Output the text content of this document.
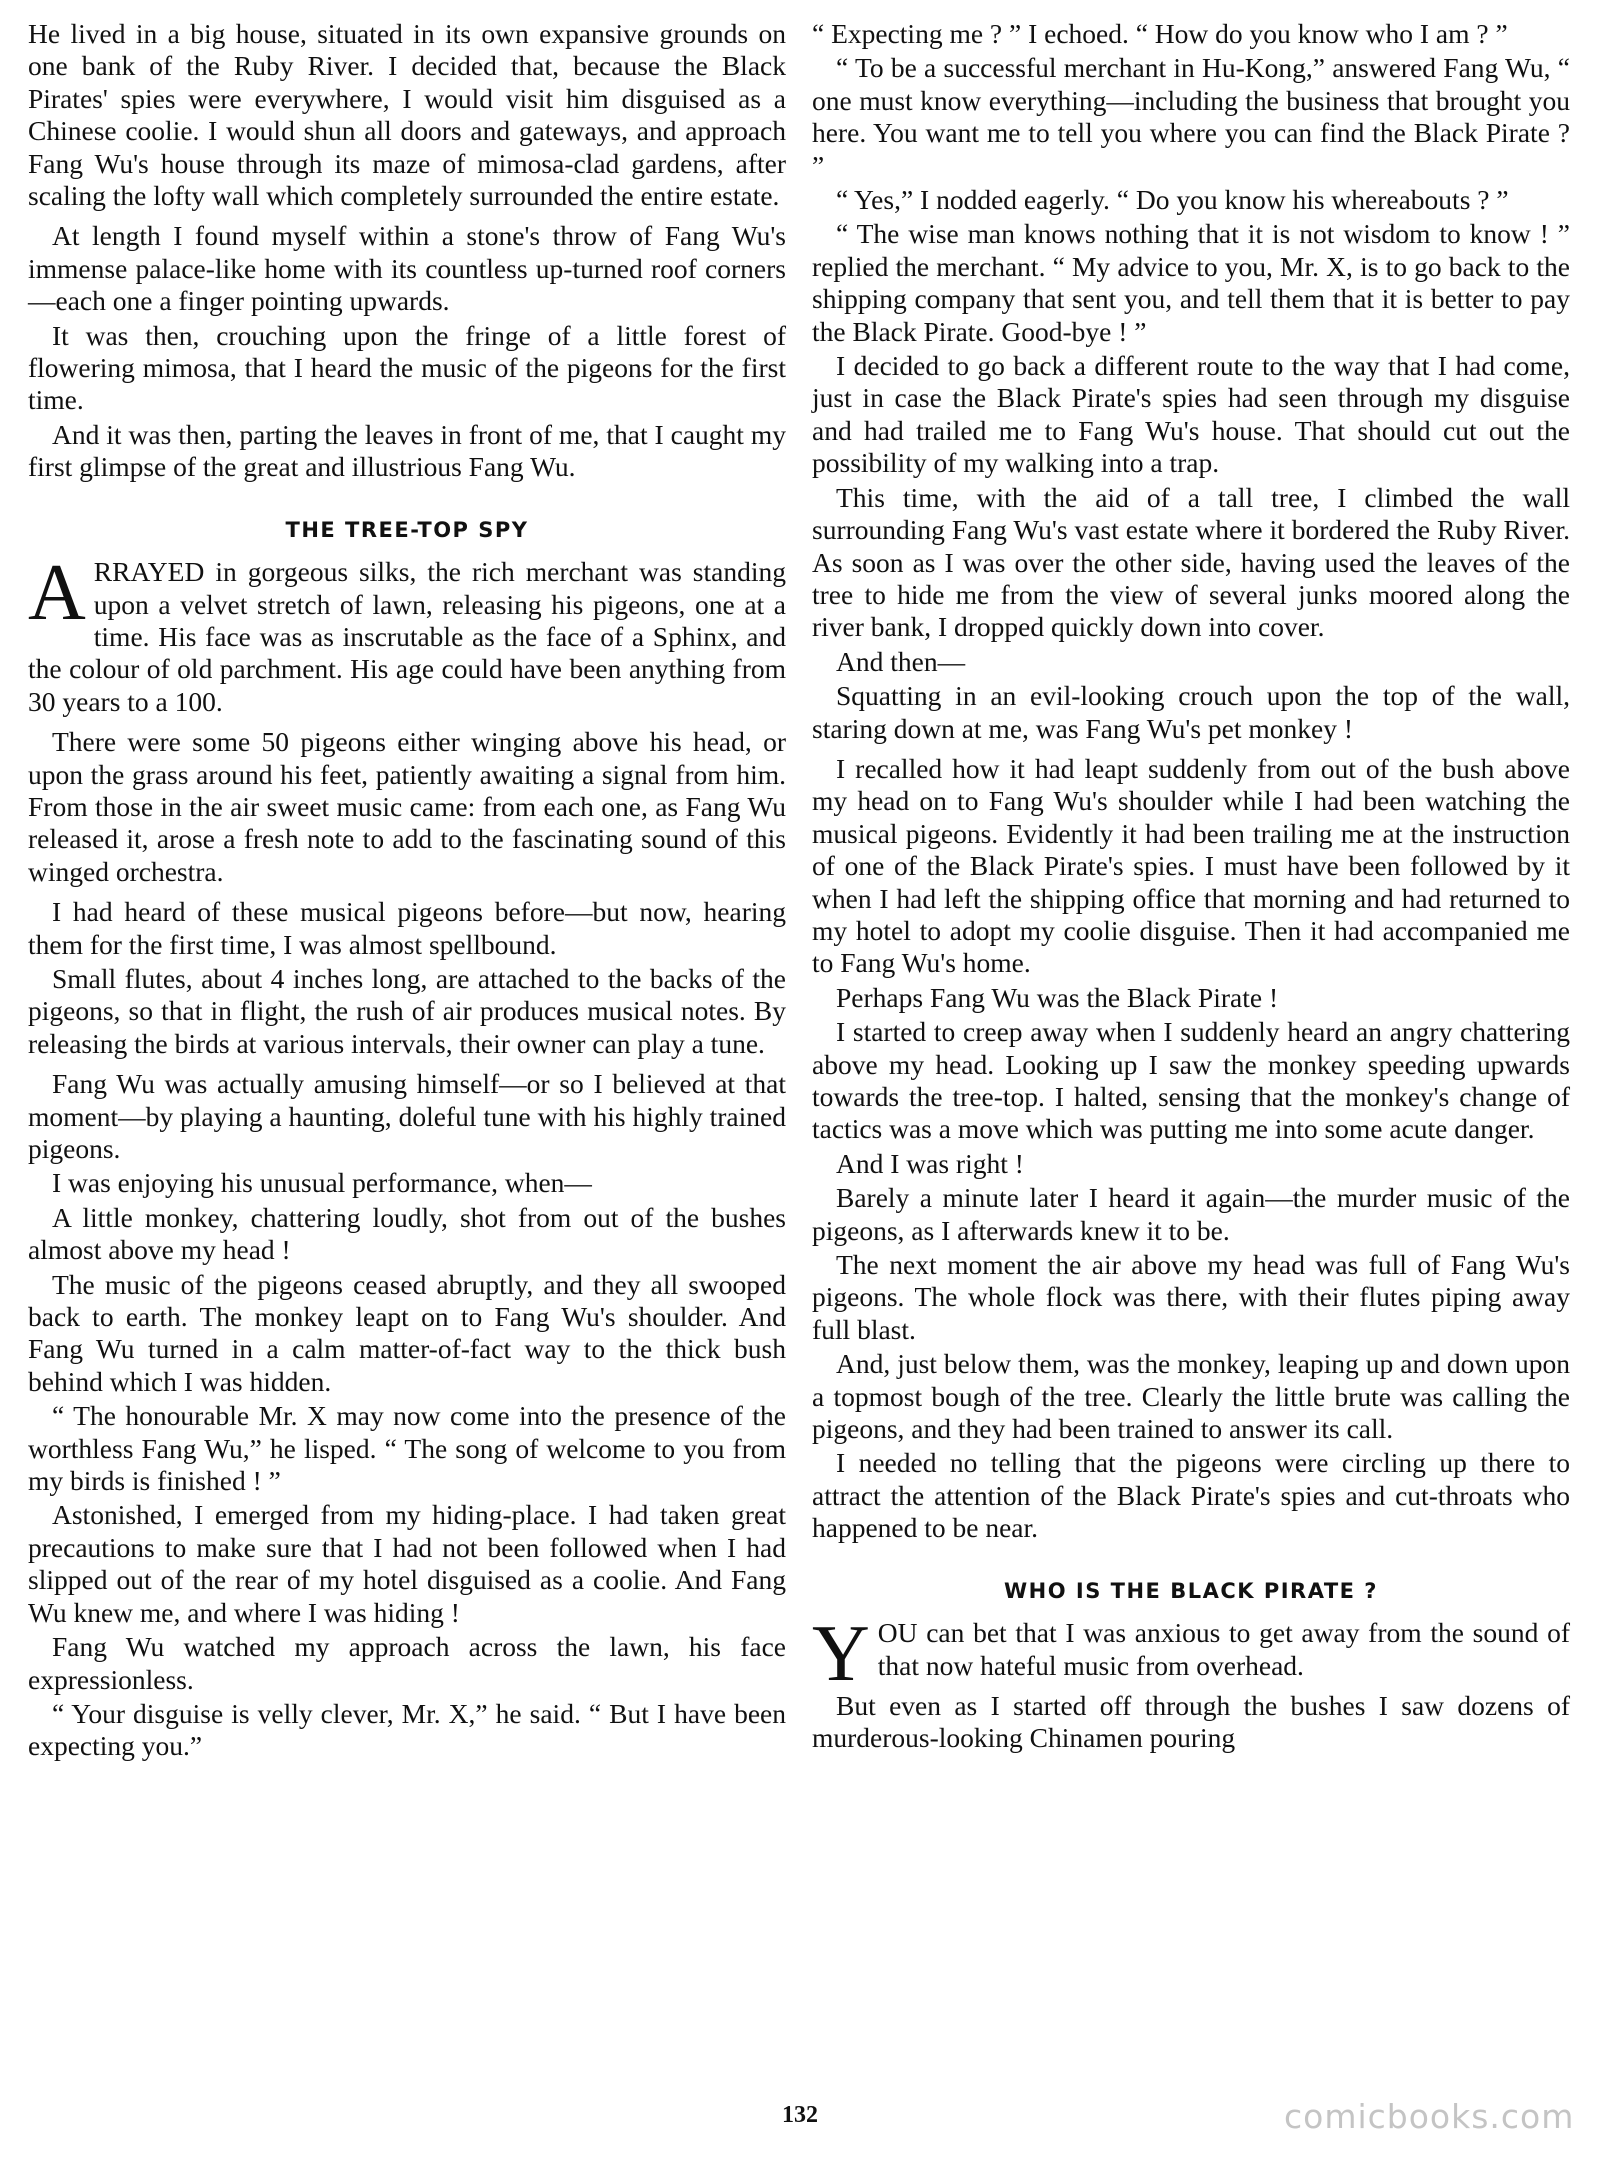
He lived in a big house, situated in its own expansive grounds on one bank of the Ruby River. I decided that, because the Black Pirates' spies were everywhere, I would visit him disguised as a Chinese coolie. I would shun all doors and gateways, and approach Fang Wu's house through its maze of mimosa-clad gardens, after scaling the lofty wall which completely surrounded the entire estate.

At length I found myself within a stone's throw of Fang Wu's immense palace-like home with its countless up-turned roof corners—each one a finger pointing upwards.

It was then, crouching upon the fringe of a little forest of flowering mimosa, that I heard the music of the pigeons for the first time.

And it was then, parting the leaves in front of me, that I caught my first glimpse of the great and illustrious Fang Wu.

THE TREE-TOP SPY

ARRAYED in gorgeous silks, the rich merchant was standing upon a velvet stretch of lawn, releasing his pigeons, one at a time. His face was as inscrutable as the face of a Sphinx, and the colour of old parchment. His age could have been anything from 30 years to a 100.

There were some 50 pigeons either winging above his head, or upon the grass around his feet, patiently awaiting a signal from him. From those in the air sweet music came: from each one, as Fang Wu released it, arose a fresh note to add to the fascinating sound of this winged orchestra.

I had heard of these musical pigeons before—but now, hearing them for the first time, I was almost spellbound.

Small flutes, about 4 inches long, are attached to the backs of the pigeons, so that in flight, the rush of air produces musical notes. By releasing the birds at various intervals, their owner can play a tune.

Fang Wu was actually amusing himself—or so I believed at that moment—by playing a haunting, doleful tune with his highly trained pigeons.

I was enjoying his unusual performance, when—

A little monkey, chattering loudly, shot from out of the bushes almost above my head !

The music of the pigeons ceased abruptly, and they all swooped back to earth. The monkey leapt on to Fang Wu's shoulder. And Fang Wu turned in a calm matter-of-fact way to the thick bush behind which I was hidden.

“ The honourable Mr. X may now come into the presence of the worthless Fang Wu,” he lisped. “ The song of welcome to you from my birds is finished ! ”

Astonished, I emerged from my hiding-place. I had taken great precautions to make sure that I had not been followed when I had slipped out of the rear of my hotel disguised as a coolie. And Fang Wu knew me, and where I was hiding !

Fang Wu watched my approach across the lawn, his face expressionless.

“ Your disguise is velly clever, Mr. X,” he said. “ But I have been expecting you.”

“ Expecting me ? ” I echoed. “ How do you know who I am ? ”

“ To be a successful merchant in Hu-Kong,” answered Fang Wu, “ one must know everything—including the business that brought you here. You want me to tell you where you can find the Black Pirate ? ”

“ Yes,” I nodded eagerly. “ Do you know his whereabouts ? ”

“ The wise man knows nothing that it is not wisdom to know ! ” replied the merchant. “ My advice to you, Mr. X, is to go back to the shipping company that sent you, and tell them that it is better to pay the Black Pirate. Good-bye ! ”

I decided to go back a different route to the way that I had come, just in case the Black Pirate's spies had seen through my disguise and had trailed me to Fang Wu's house. That should cut out the possibility of my walking into a trap.

This time, with the aid of a tall tree, I climbed the wall surrounding Fang Wu's vast estate where it bordered the Ruby River. As soon as I was over the other side, having used the leaves of the tree to hide me from the view of several junks moored along the river bank, I dropped quickly down into cover.

And then—

Squatting in an evil-looking crouch upon the top of the wall, staring down at me, was Fang Wu's pet monkey !

I recalled how it had leapt suddenly from out of the bush above my head on to Fang Wu's shoulder while I had been watching the musical pigeons. Evidently it had been trailing me at the instruction of one of the Black Pirate's spies. I must have been followed by it when I had left the shipping office that morning and had returned to my hotel to adopt my coolie disguise. Then it had accompanied me to Fang Wu's home.

Perhaps Fang Wu was the Black Pirate !

I started to creep away when I suddenly heard an angry chattering above my head. Looking up I saw the monkey speeding upwards towards the tree-top. I halted, sensing that the monkey's change of tactics was a move which was putting me into some acute danger.

And I was right !

Barely a minute later I heard it again—the murder music of the pigeons, as I afterwards knew it to be.

The next moment the air above my head was full of Fang Wu's pigeons. The whole flock was there, with their flutes piping away full blast.

And, just below them, was the monkey, leaping up and down upon a topmost bough of the tree. Clearly the little brute was calling the pigeons, and they had been trained to answer its call.

I needed no telling that the pigeons were circling up there to attract the attention of the Black Pirate's spies and cut-throats who happened to be near.

WHO IS THE BLACK PIRATE ?

YOU can bet that I was anxious to get away from the sound of that now hateful music from overhead.

But even as I started off through the bushes I saw dozens of murderous-looking Chinamen pouring

132	comicbooks.com
